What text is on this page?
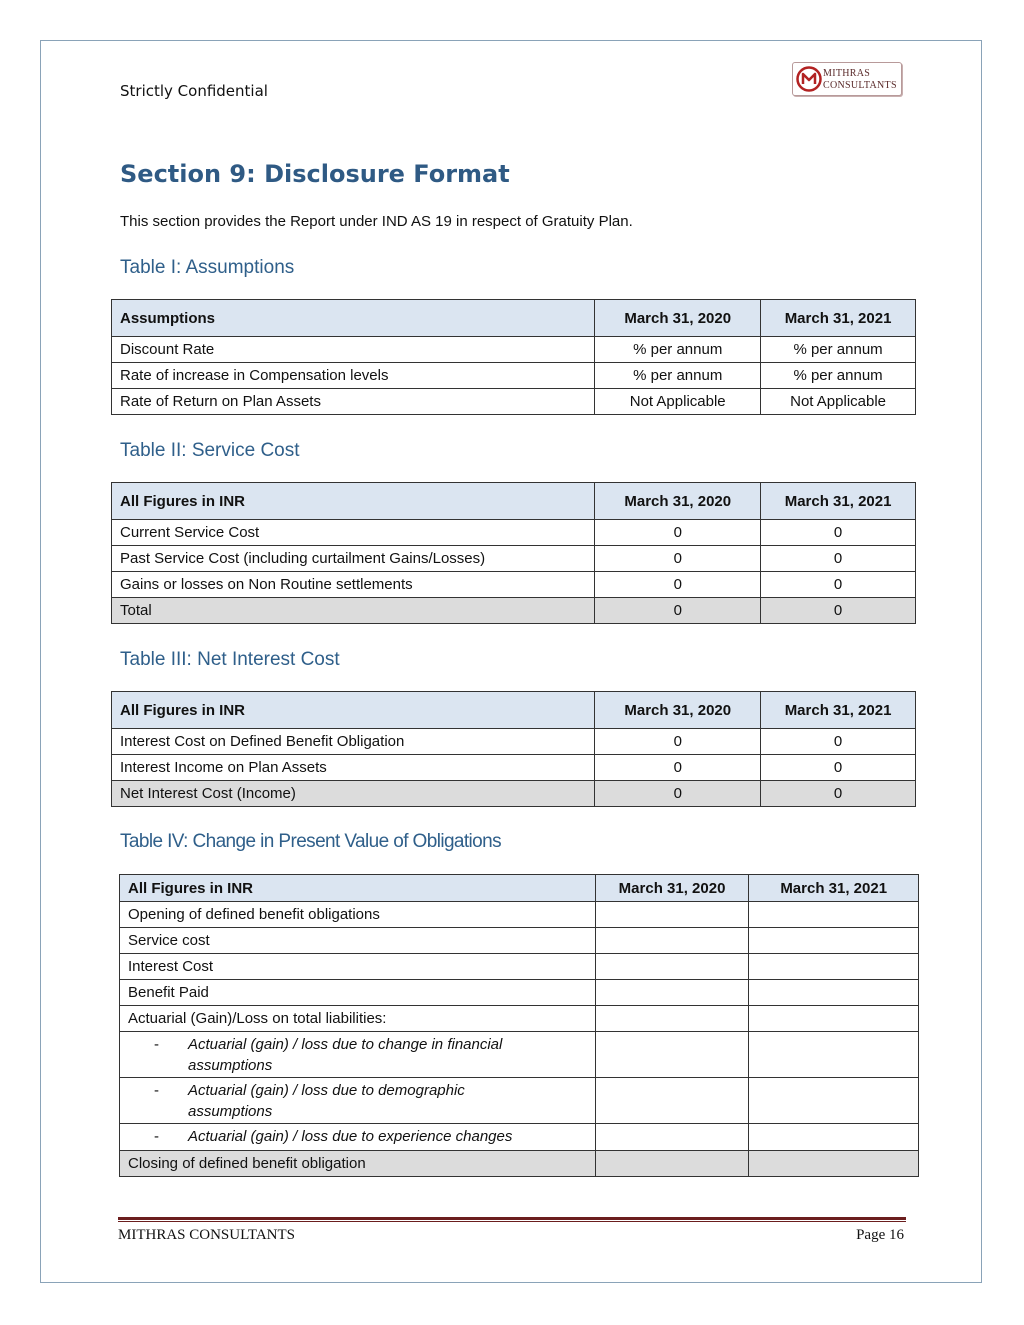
Strictly Confidential
MITHRAS
CONSULTANTS
Section 9: Disclosure Format

This section provides the Report under IND AS 19 in respect of Gratuity Plan.

Table I: Assumptions
Assumptions	March 31, 2020	March 31, 2021
Discount Rate	% per annum	% per annum
Rate of increase in Compensation levels	% per annum	% per annum
Rate of Return on Plan Assets	Not Applicable	Not Applicable
Table II: Service Cost
All Figures in INR	March 31, 2020	March 31, 2021
Current Service Cost	0	0
Past Service Cost (including curtailment Gains/Losses)	0	0
Gains or losses on Non Routine settlements	0	0
Total	0	0
Table III: Net Interest Cost
All Figures in INR	March 31, 2020	March 31, 2021
Interest Cost on Defined Benefit Obligation	0	0
Interest Income on Plan Assets	0	0
Net Interest Cost (Income)	0	0
Table IV: Change in Present Value of Obligations
All Figures in INR	March 31, 2020	March 31, 2021
Opening of defined benefit obligations		
Service cost		
Interest Cost		
Benefit Paid		
Actuarial (Gain)/Loss on total liabilities:		
- Actuarial (gain) / loss due to change in financial assumptions		
- Actuarial (gain) / loss due to demographic assumptions		
- Actuarial (gain) / loss due to experience changes		
Closing of defined benefit obligation		
MITHRAS CONSULTANTS	Page 16
